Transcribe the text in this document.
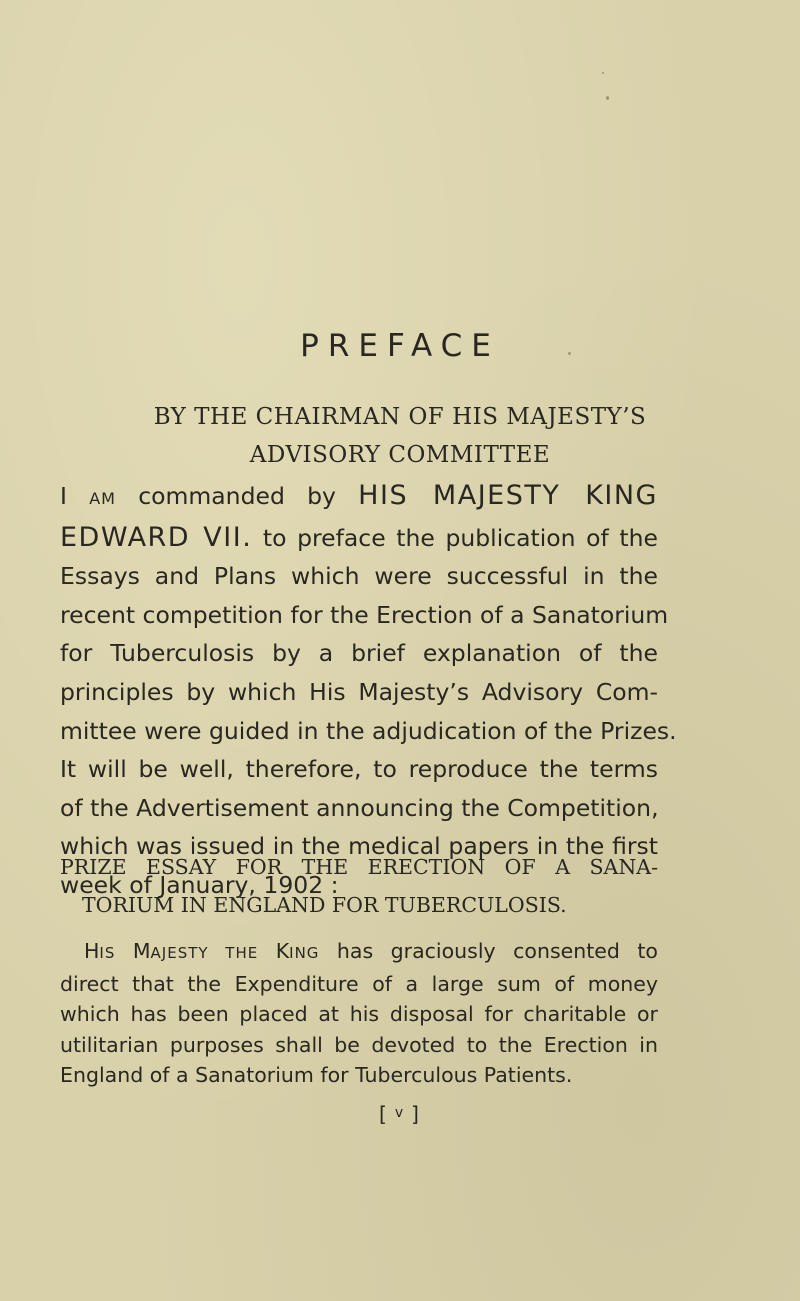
PREFACE
BY THE CHAIRMAN OF HIS MAJESTY’S
ADVISORY COMMITTEE
I AM commanded by HIS MAJESTY KING
EDWARD VII. to preface the publication of the
Essays and Plans which were successful in the
recent competition for the Erection of a Sanatorium
for Tuberculosis by a brief explanation of the
principles by which His Majesty’s Advisory Com-
mittee were guided in the adjudication of the Prizes.
It will be well, therefore, to reproduce the terms
of the Advertisement announcing the Competition,
which was issued in the medical papers in the first
week of January, 1902 :
PRIZE ESSAY FOR THE ERECTION OF A SANA-
TORIUM IN ENGLAND FOR TUBERCULOSIS.
HIS MAJESTY THE KING has graciously consented to
direct that the Expenditure of a large sum of money
which has been placed at his disposal for charitable or
utilitarian purposes shall be devoted to the Erection in
England of a Sanatorium for Tuberculous Patients.
[ $^v$ ]
